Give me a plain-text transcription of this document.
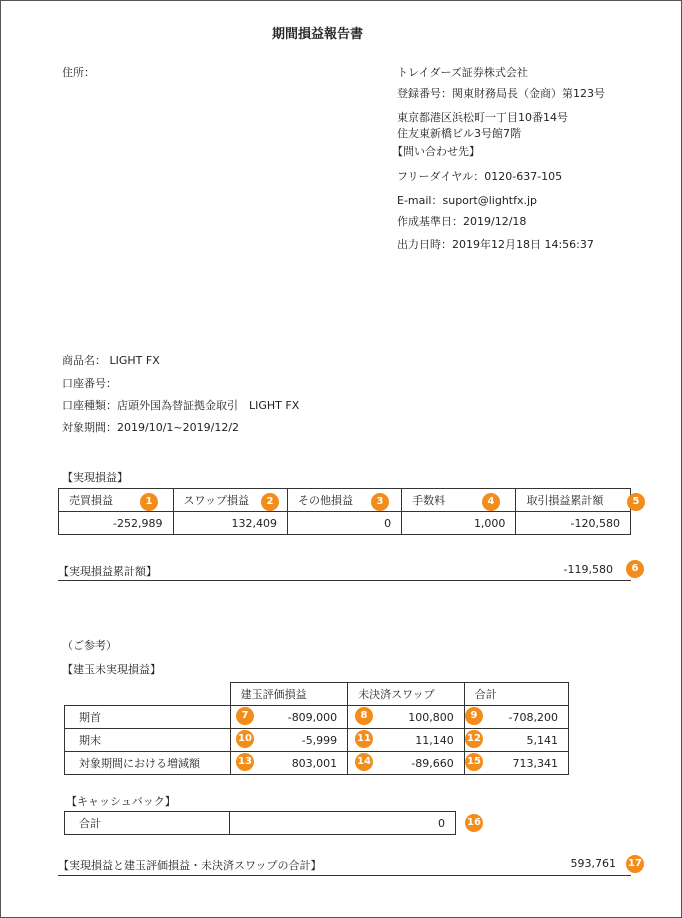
期間損益報告書
住所：	トレイダーズ証券株式会社
登録番号：関東財務局長（金商）第123号
東京都港区浜松町一丁目10番14号
住友東新橋ビル3号館7階
【問い合わせ先】
フリーダイヤル：0120-637-105
E-mail：suport@lightfx.jp
作成基準日：2019/12/18
出力日時：2019年12月18日 14:56:37
商品名： LIGHT FX
口座番号：
口座種類：店頭外国為替証拠金取引　LIGHT FX
対象期間：2019/10/1~2019/12/2
【実現損益】
売買損益	スワップ損益	その他損益	手数料	取引損益累計額
-252,989	132,409	0	1,000	-120,580
1	2	3	4	5
【実現損益累計額】	-119,580	6
（ご参考）
【建玉未実現損益】
	建玉評価損益	未決済スワップ	合計
期首	-809,000	100,800	-708,200
期末	-5,999	11,140	5,141
対象期間における増減額	803,001	-89,660	713,341
7	8	9
10	11	12
13	14	15
【キャッシュバック】
合計	0 16
【実現損益と建玉評価損益・未決済スワップの合計】	593,761 17
